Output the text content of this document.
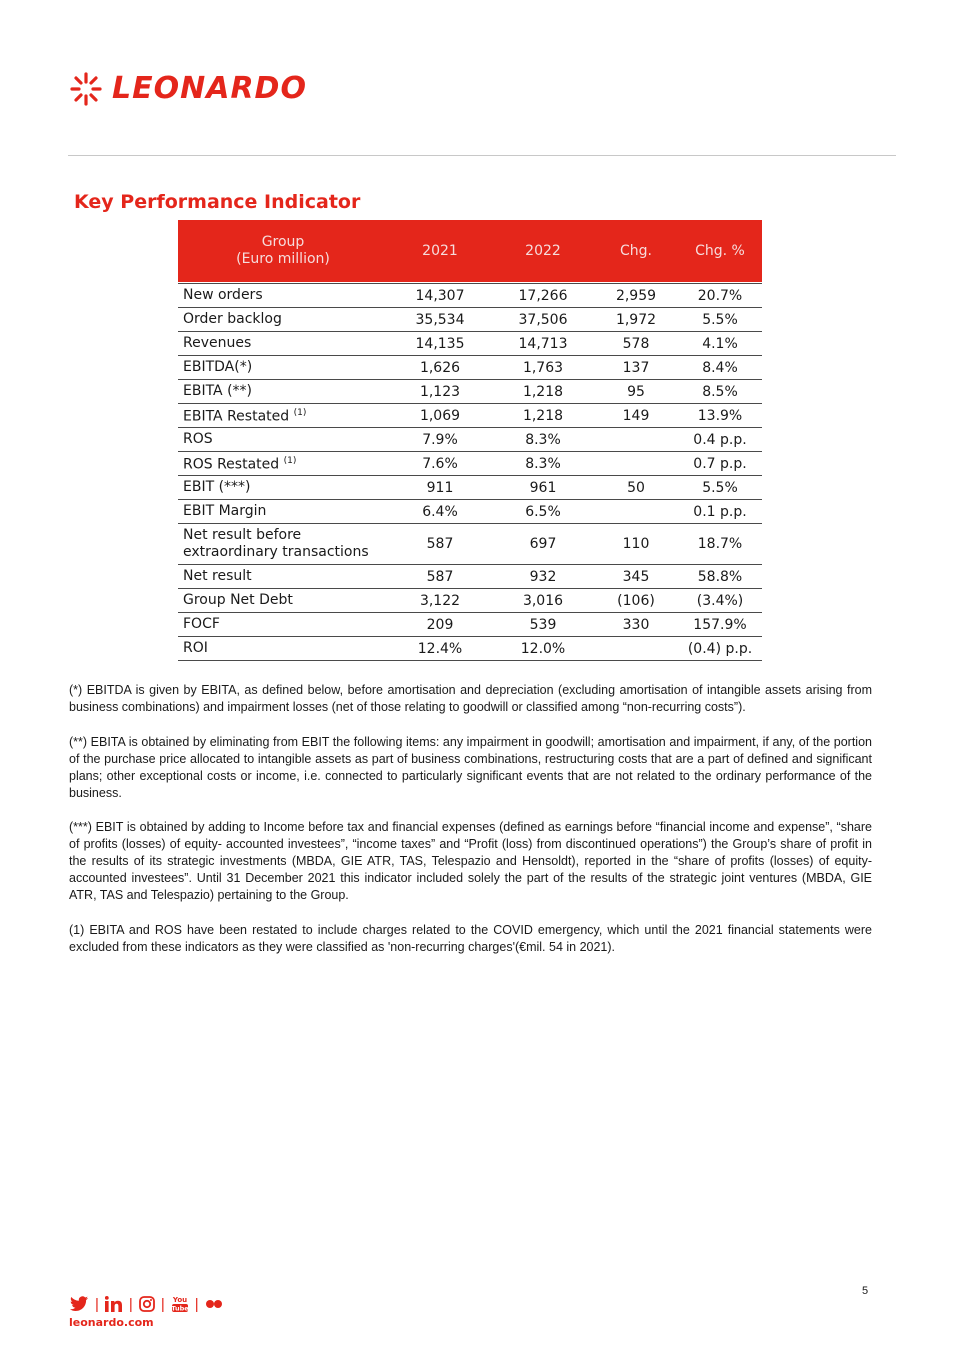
LEONARDO
Key Performance Indicator
Group
(Euro million)	2021	2022	Chg.	Chg. %

New orders	14,307	17,266	2,959	20.7%
Order backlog	35,534	37,506	1,972	5.5%
Revenues	14,135	14,713	578	4.1%
EBITDA(*)	1,626	1,763	137	8.4%
EBITA (**)	1,123	1,218	95	8.5%
EBITA Restated $^{(1)}$	1,069	1,218	149	13.9%
ROS	7.9%	8.3%		0.4 p.p.
ROS Restated $^{(1)}$	7.6%	8.3%		0.7 p.p.
EBIT (***)	911	961	50	5.5%
EBIT Margin	6.4%	6.5%		0.1 p.p.
Net result before
extraordinary transactions	587	697	110	18.7%
Net result	587	932	345	58.8%
Group Net Debt	3,122	3,016	(106)	(3.4%)
FOCF	209	539	330	157.9%
ROI	12.4%	12.0%		(0.4) p.p.

(*) EBITDA is given by EBITA, as defined below, before amortisation and depreciation (excluding amortisation of intangible assets arising from business combinations) and impairment losses (net of those relating to goodwill or classified among “non-recurring costs”).

(**) EBITA is obtained by eliminating from EBIT the following items: any impairment in goodwill; amortisation and impairment, if any, of the portion of the purchase price allocated to intangible assets as part of business combinations, restructuring costs that are a part of defined and significant plans; other exceptional costs or income, i.e. connected to particularly significant events that are not related to the ordinary performance of the business.

(***) EBIT is obtained by adding to Income before tax and financial expenses (defined as earnings before “financial income and expense”, “share of profits (losses) of equity- accounted investees”, “income taxes” and “Profit (loss) from discontinued operations”) the Group’s share of profit in the results of its strategic investments (MBDA, GIE ATR, TAS, Telespazio and Hensoldt), reported in the “share of profits (losses) of equity-accounted investees”. Until 31 December 2021 this indicator included solely the part of the results of the strategic joint ventures (MBDA, GIE ATR, TAS and Telespazio) pertaining to the Group.

(1) EBITA and ROS have been restated to include charges related to the COVID emergency, which until the 2021 financial statements were excluded from these indicators as they were classified as 'non-recurring charges'(€mil. 54 in 2021).

5
| | | You
Tube |
leonardo.com
